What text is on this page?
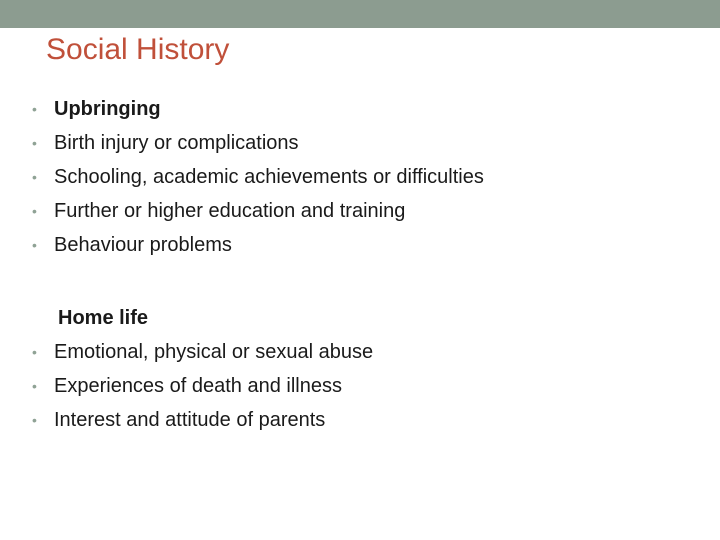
Social History
• Upbringing
• Birth injury or complications
• Schooling, academic achievements or difficulties
• Further or higher education and training
• Behaviour problems
Home life
• Emotional, physical or sexual abuse
• Experiences of death and illness
• Interest and attitude of parents
